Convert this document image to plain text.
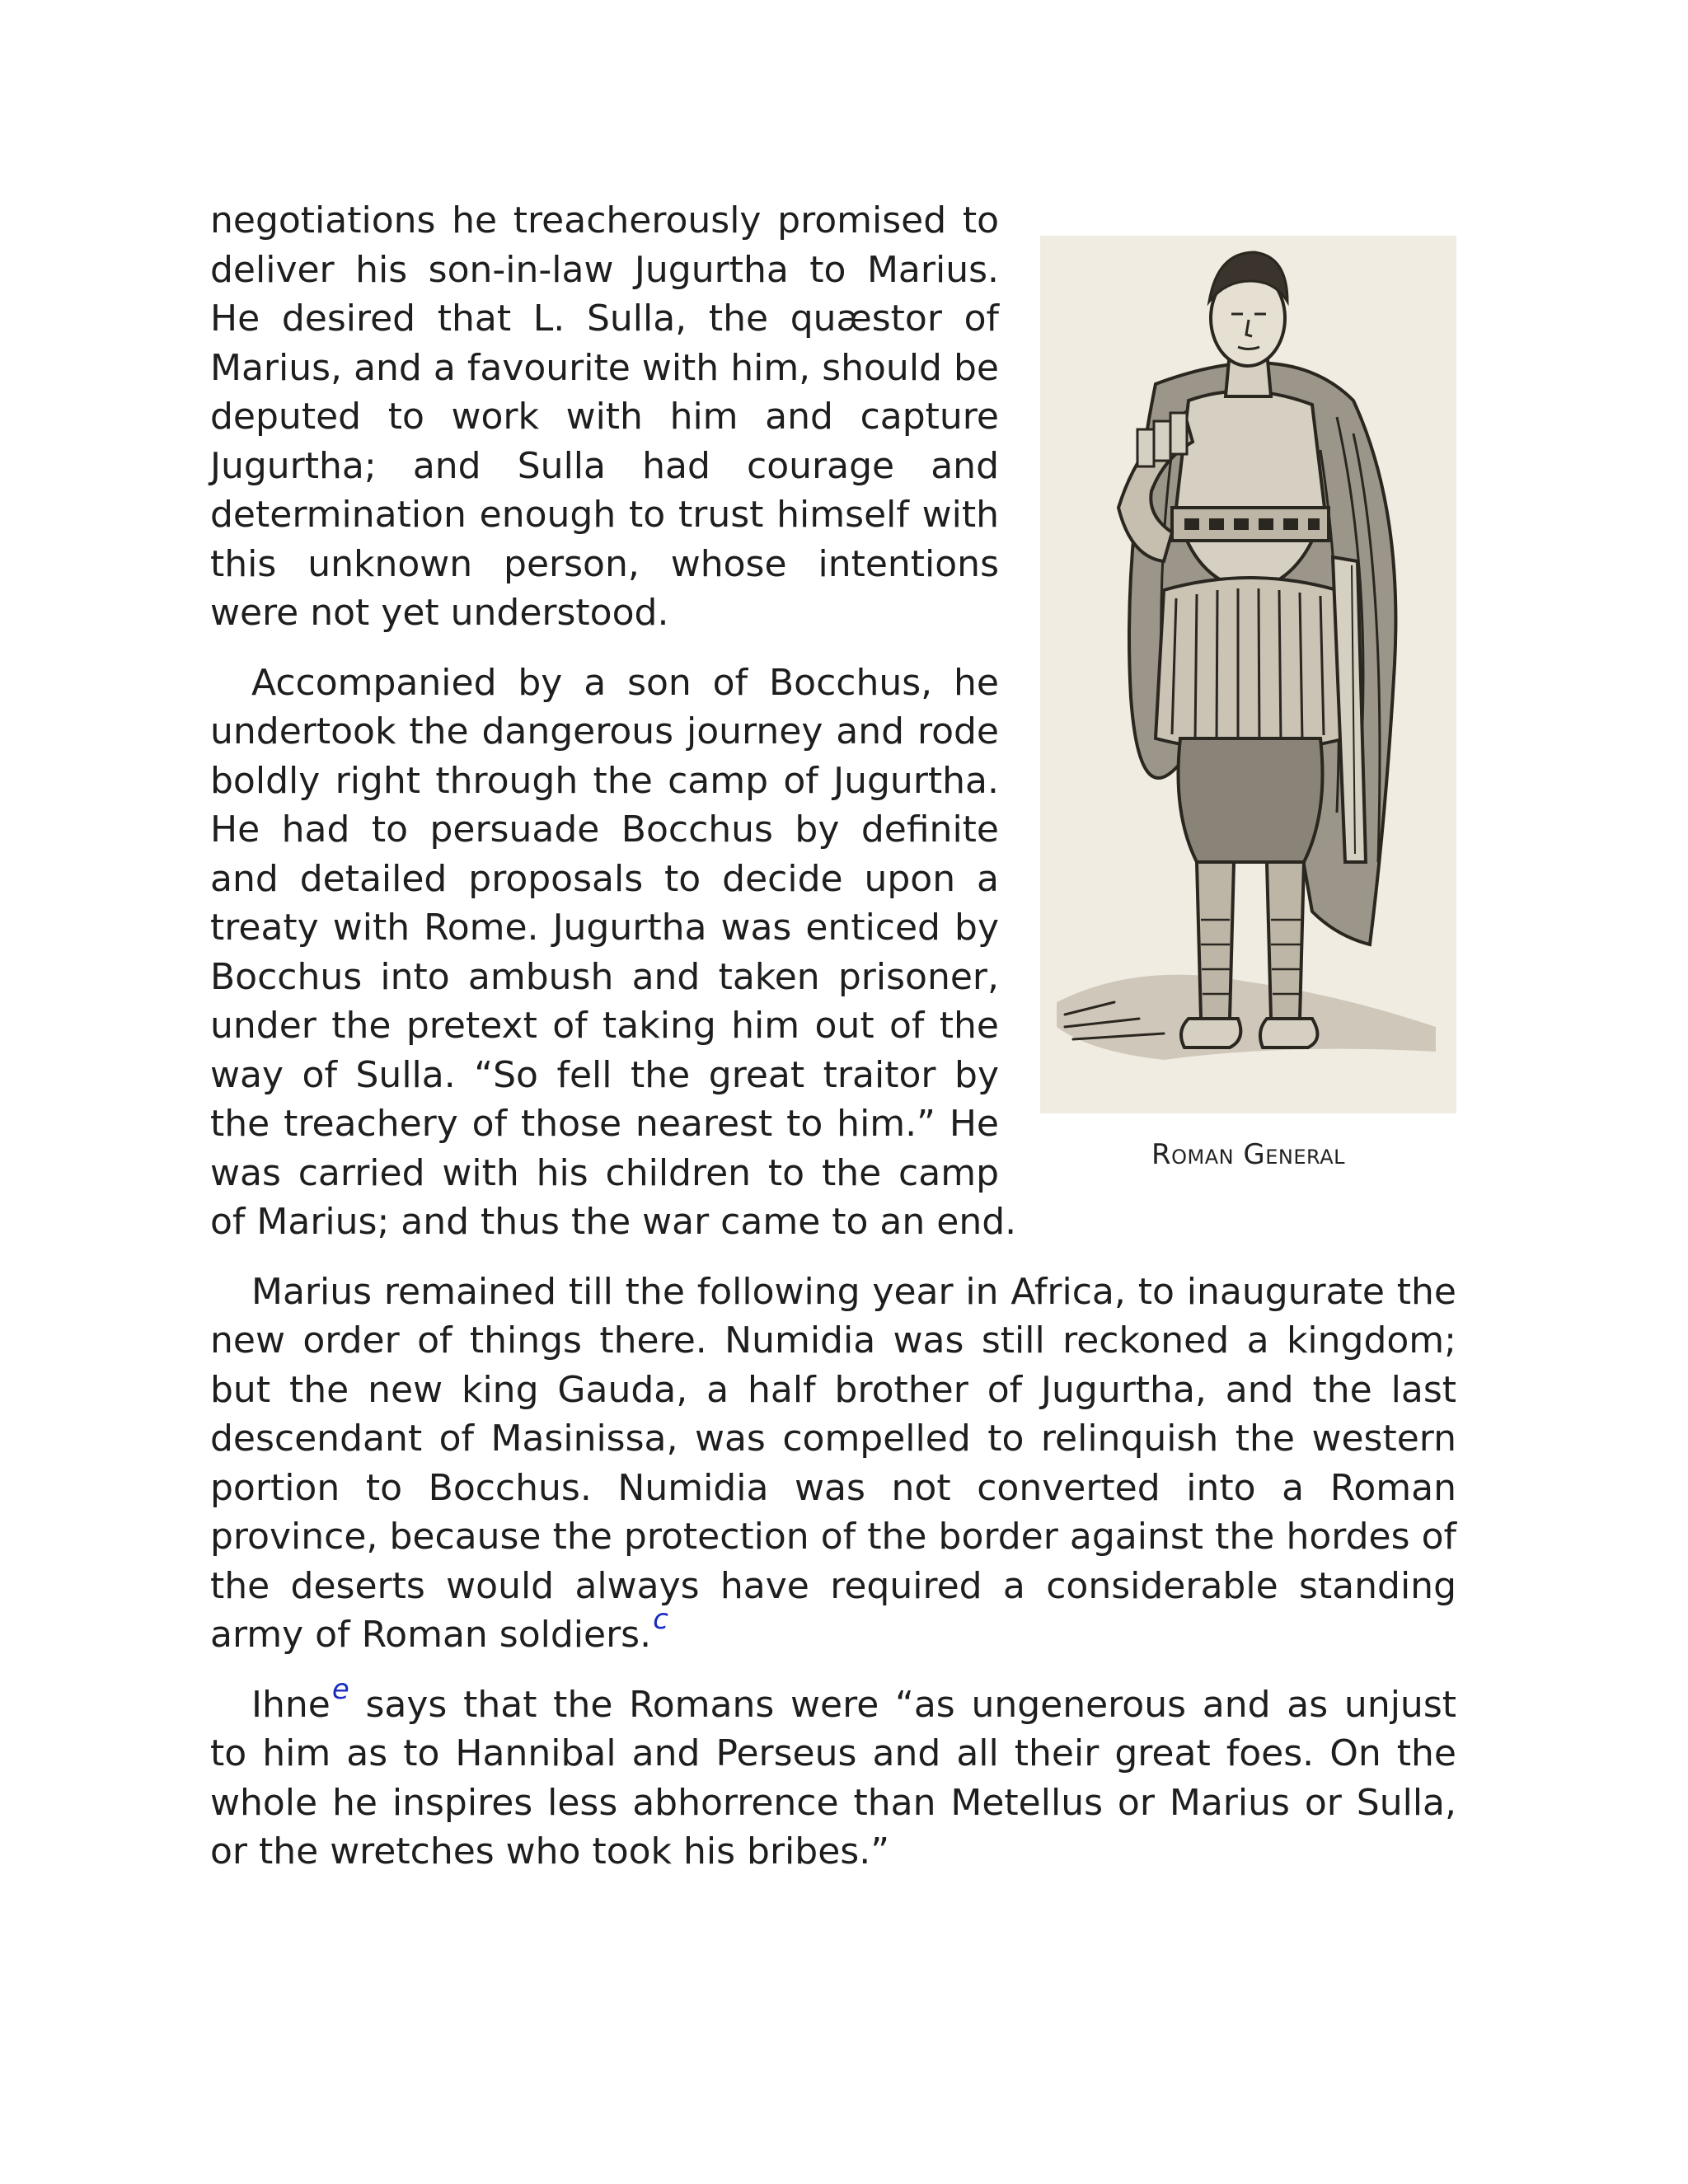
Roman General

negotiations he treacherously promised to deliver his son-in-law Jugurtha to Marius. He desired that L. Sulla, the quæstor of Marius, and a favourite with him, should be deputed to work with him and capture Jugurtha; and Sulla had courage and determination enough to trust himself with this unknown person, whose intentions were not yet understood.

Accompanied by a son of Bocchus, he undertook the dangerous journey and rode boldly right through the camp of Jugurtha. He had to persuade Bocchus by definite and detailed proposals to decide upon a treaty with Rome. Jugurtha was enticed by Bocchus into ambush and taken prisoner, under the pretext of taking him out of the way of Sulla. “So fell the great traitor by the treachery of those nearest to him.” He was carried with his children to the camp of Marius; and thus the war came to an end.

Marius remained till the following year in Africa, to inaugurate the new order of things there. Numidia was still reckoned a kingdom; but the new king Gauda, a half brother of Jugurtha, and the last descendant of Masinissa, was compelled to relinquish the western portion to Bocchus. Numidia was not converted into a Roman province, because the protection of the border against the hordes of the deserts would always have required a considerable standing army of Roman soldiers.$^c$

Ihne$^e$ says that the Romans were “as ungenerous and as unjust to him as to Hannibal and Perseus and all their great foes. On the whole he inspires less abhorrence than Metellus or Marius or Sulla, or the wretches who took his bribes.”
